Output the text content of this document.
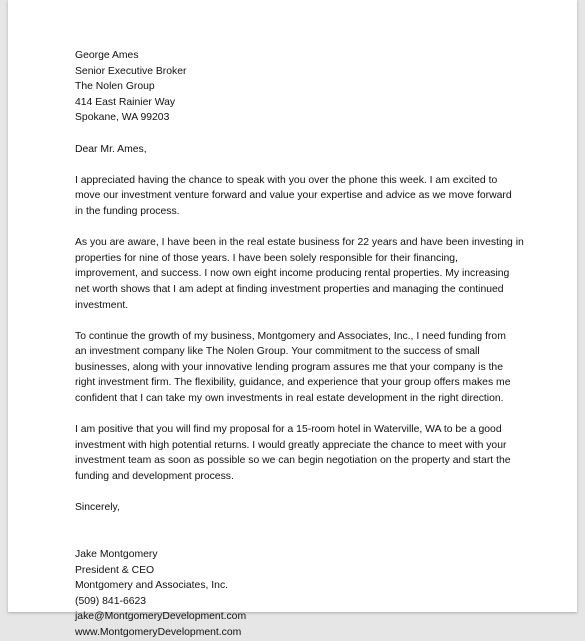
George Ames
Senior Executive Broker
The Nolen Group
414 East Rainier Way
Spokane, WA 99203

Dear Mr. Ames,

I appreciated having the chance to speak with you over the phone this week. I am excited to
move our investment venture forward and value your expertise and advice as we move forward
in the funding process.

As you are aware, I have been in the real estate business for 22 years and have been investing in
properties for nine of those years. I have been solely responsible for their financing,
improvement, and success. I now own eight income producing rental properties. My increasing
net worth shows that I am adept at finding investment properties and managing the continued
investment.

To continue the growth of my business, Montgomery and Associates, Inc., I need funding from
an investment company like The Nolen Group. Your commitment to the success of small
businesses, along with your innovative lending program assures me that your company is the
right investment firm. The flexibility, guidance, and experience that your group offers makes me
confident that I can take my own investments in real estate development in the right direction.

I am positive that you will find my proposal for a 15-room hotel in Waterville, WA to be a good
investment with high potential returns. I would greatly appreciate the chance to meet with your
investment team as soon as possible so we can begin negotiation on the property and start the
funding and development process.

Sincerely,

Jake Montgomery
President & CEO
Montgomery and Associates, Inc.
(509) 841-6623
jake@MontgomeryDevelopment.com
www.MontgomeryDevelopment.com
